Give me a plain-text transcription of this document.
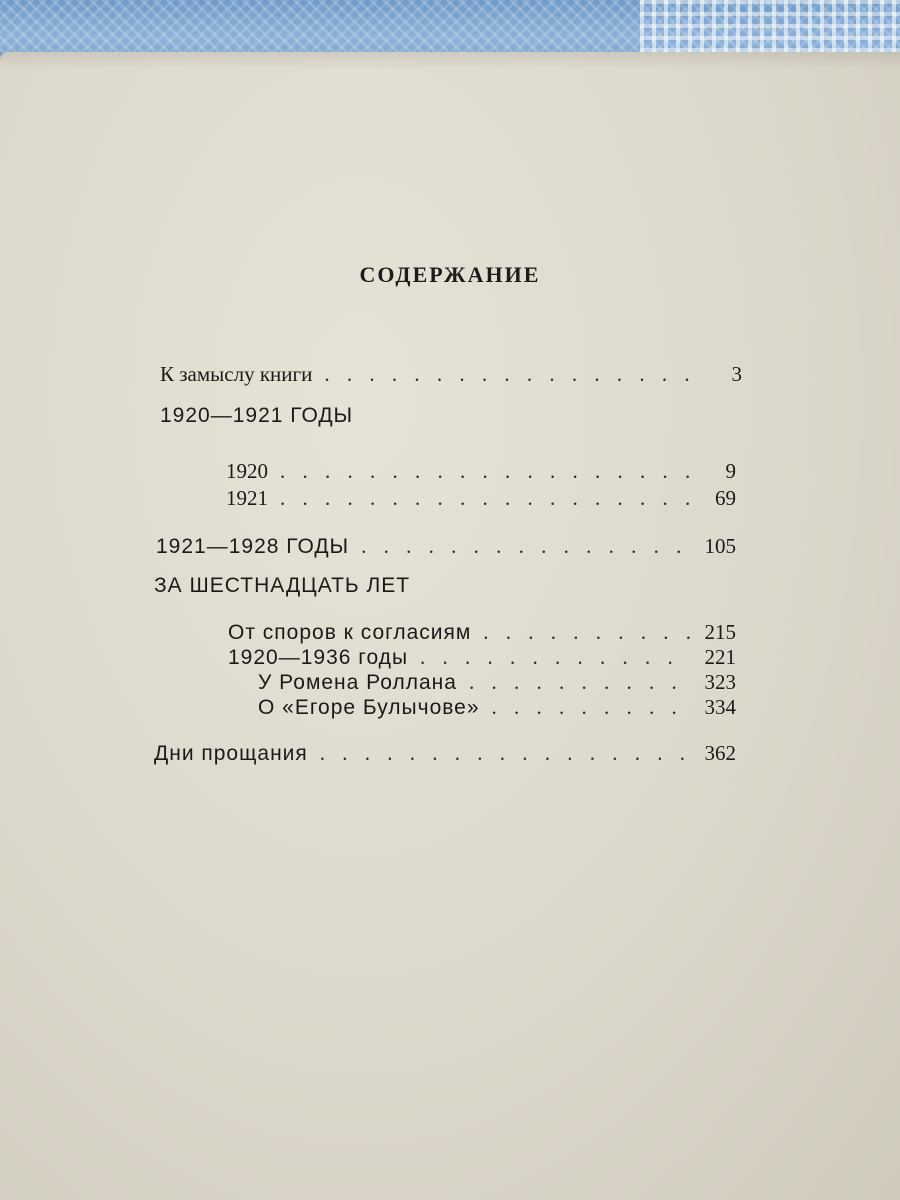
СОДЕРЖАНИЕ
К замыслу книги . . .	3
1920—1921 ГОДЫ
1920 . . .	9
1921 . . .	69
1921—1928 ГОДЫ . . .	105
ЗА ШЕСТНАДЦАТЬ ЛЕТ
От споров к согласиям . . .	215
1920—1936 годы . . .	221
У Ромена Роллана . . .	323
О «Егоре Булычове» . . .	334
Дни прощания . . .	362
